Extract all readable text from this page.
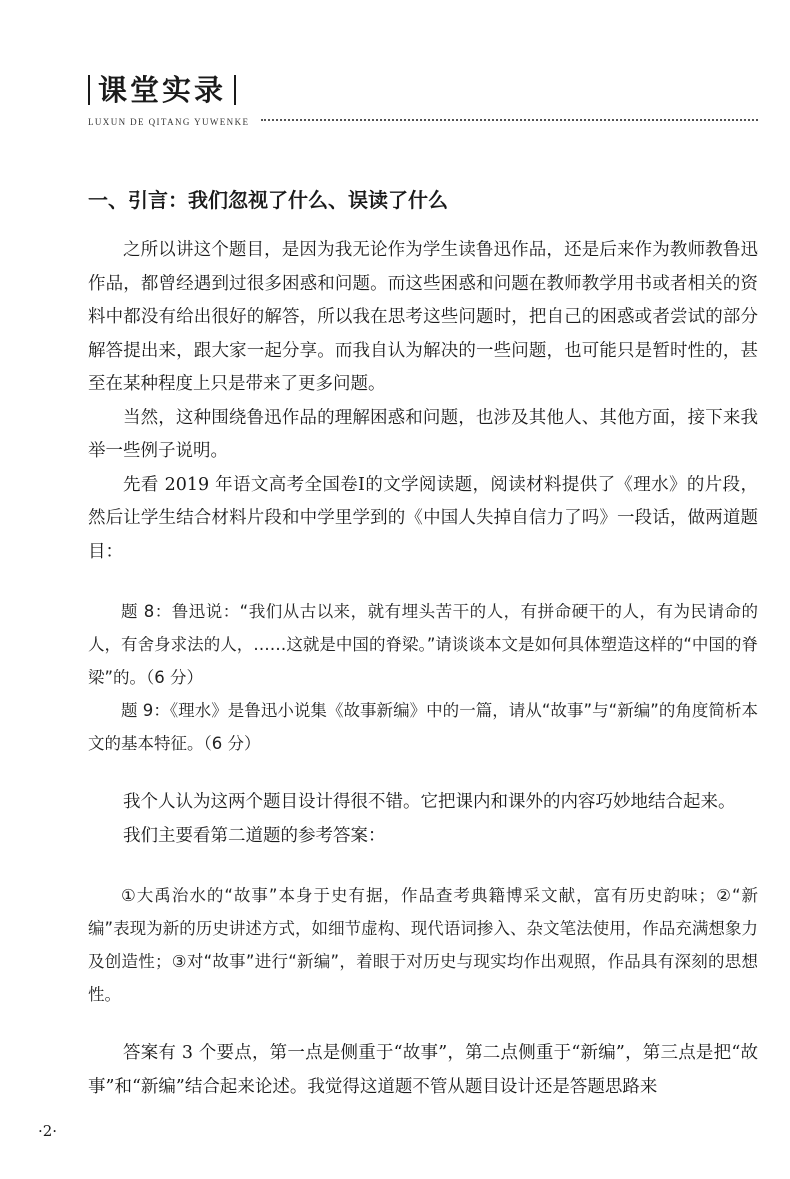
课堂实录
LUXUN DE QITANG YUWENKE
一、引言：我们忽视了什么、误读了什么

之所以讲这个题目，是因为我无论作为学生读鲁迅作品，还是后来作为教师教鲁迅作品，都曾经遇到过很多困惑和问题。而这些困惑和问题在教师教学用书或者相关的资料中都没有给出很好的解答，所以我在思考这些问题时，把自己的困惑或者尝试的部分解答提出来，跟大家一起分享。而我自认为解决的一些问题，也可能只是暂时性的，甚至在某种程度上只是带来了更多问题。

当然，这种围绕鲁迅作品的理解困惑和问题，也涉及其他人、其他方面，接下来我举一些例子说明。

先看 2019 年语文高考全国卷Ⅰ的文学阅读题，阅读材料提供了《理水》的片段，然后让学生结合材料片段和中学里学到的《中国人失掉自信力了吗》一段话，做两道题目：

题 8：鲁迅说：“我们从古以来，就有埋头苦干的人，有拼命硬干的人，有为民请命的人，有舍身求法的人，……这就是中国的脊梁。”请谈谈本文是如何具体塑造这样的“中国的脊梁”的。（6 分）

题 9：《理水》是鲁迅小说集《故事新编》中的一篇，请从“故事”与“新编”的角度简析本文的基本特征。（6 分）

我个人认为这两个题目设计得很不错。它把课内和课外的内容巧妙地结合起来。

我们主要看第二道题的参考答案：

①大禹治水的“故事”本身于史有据，作品查考典籍博采文献，富有历史韵味；②“新编”表现为新的历史讲述方式，如细节虚构、现代语词掺入、杂文笔法使用，作品充满想象力及创造性；③对“故事”进行“新编”，着眼于对历史与现实均作出观照，作品具有深刻的思想性。

答案有 3 个要点，第一点是侧重于“故事”，第二点侧重于“新编”，第三点是把“故事”和“新编”结合起来论述。我觉得这道题不管从题目设计还是答题思路来

·2·
